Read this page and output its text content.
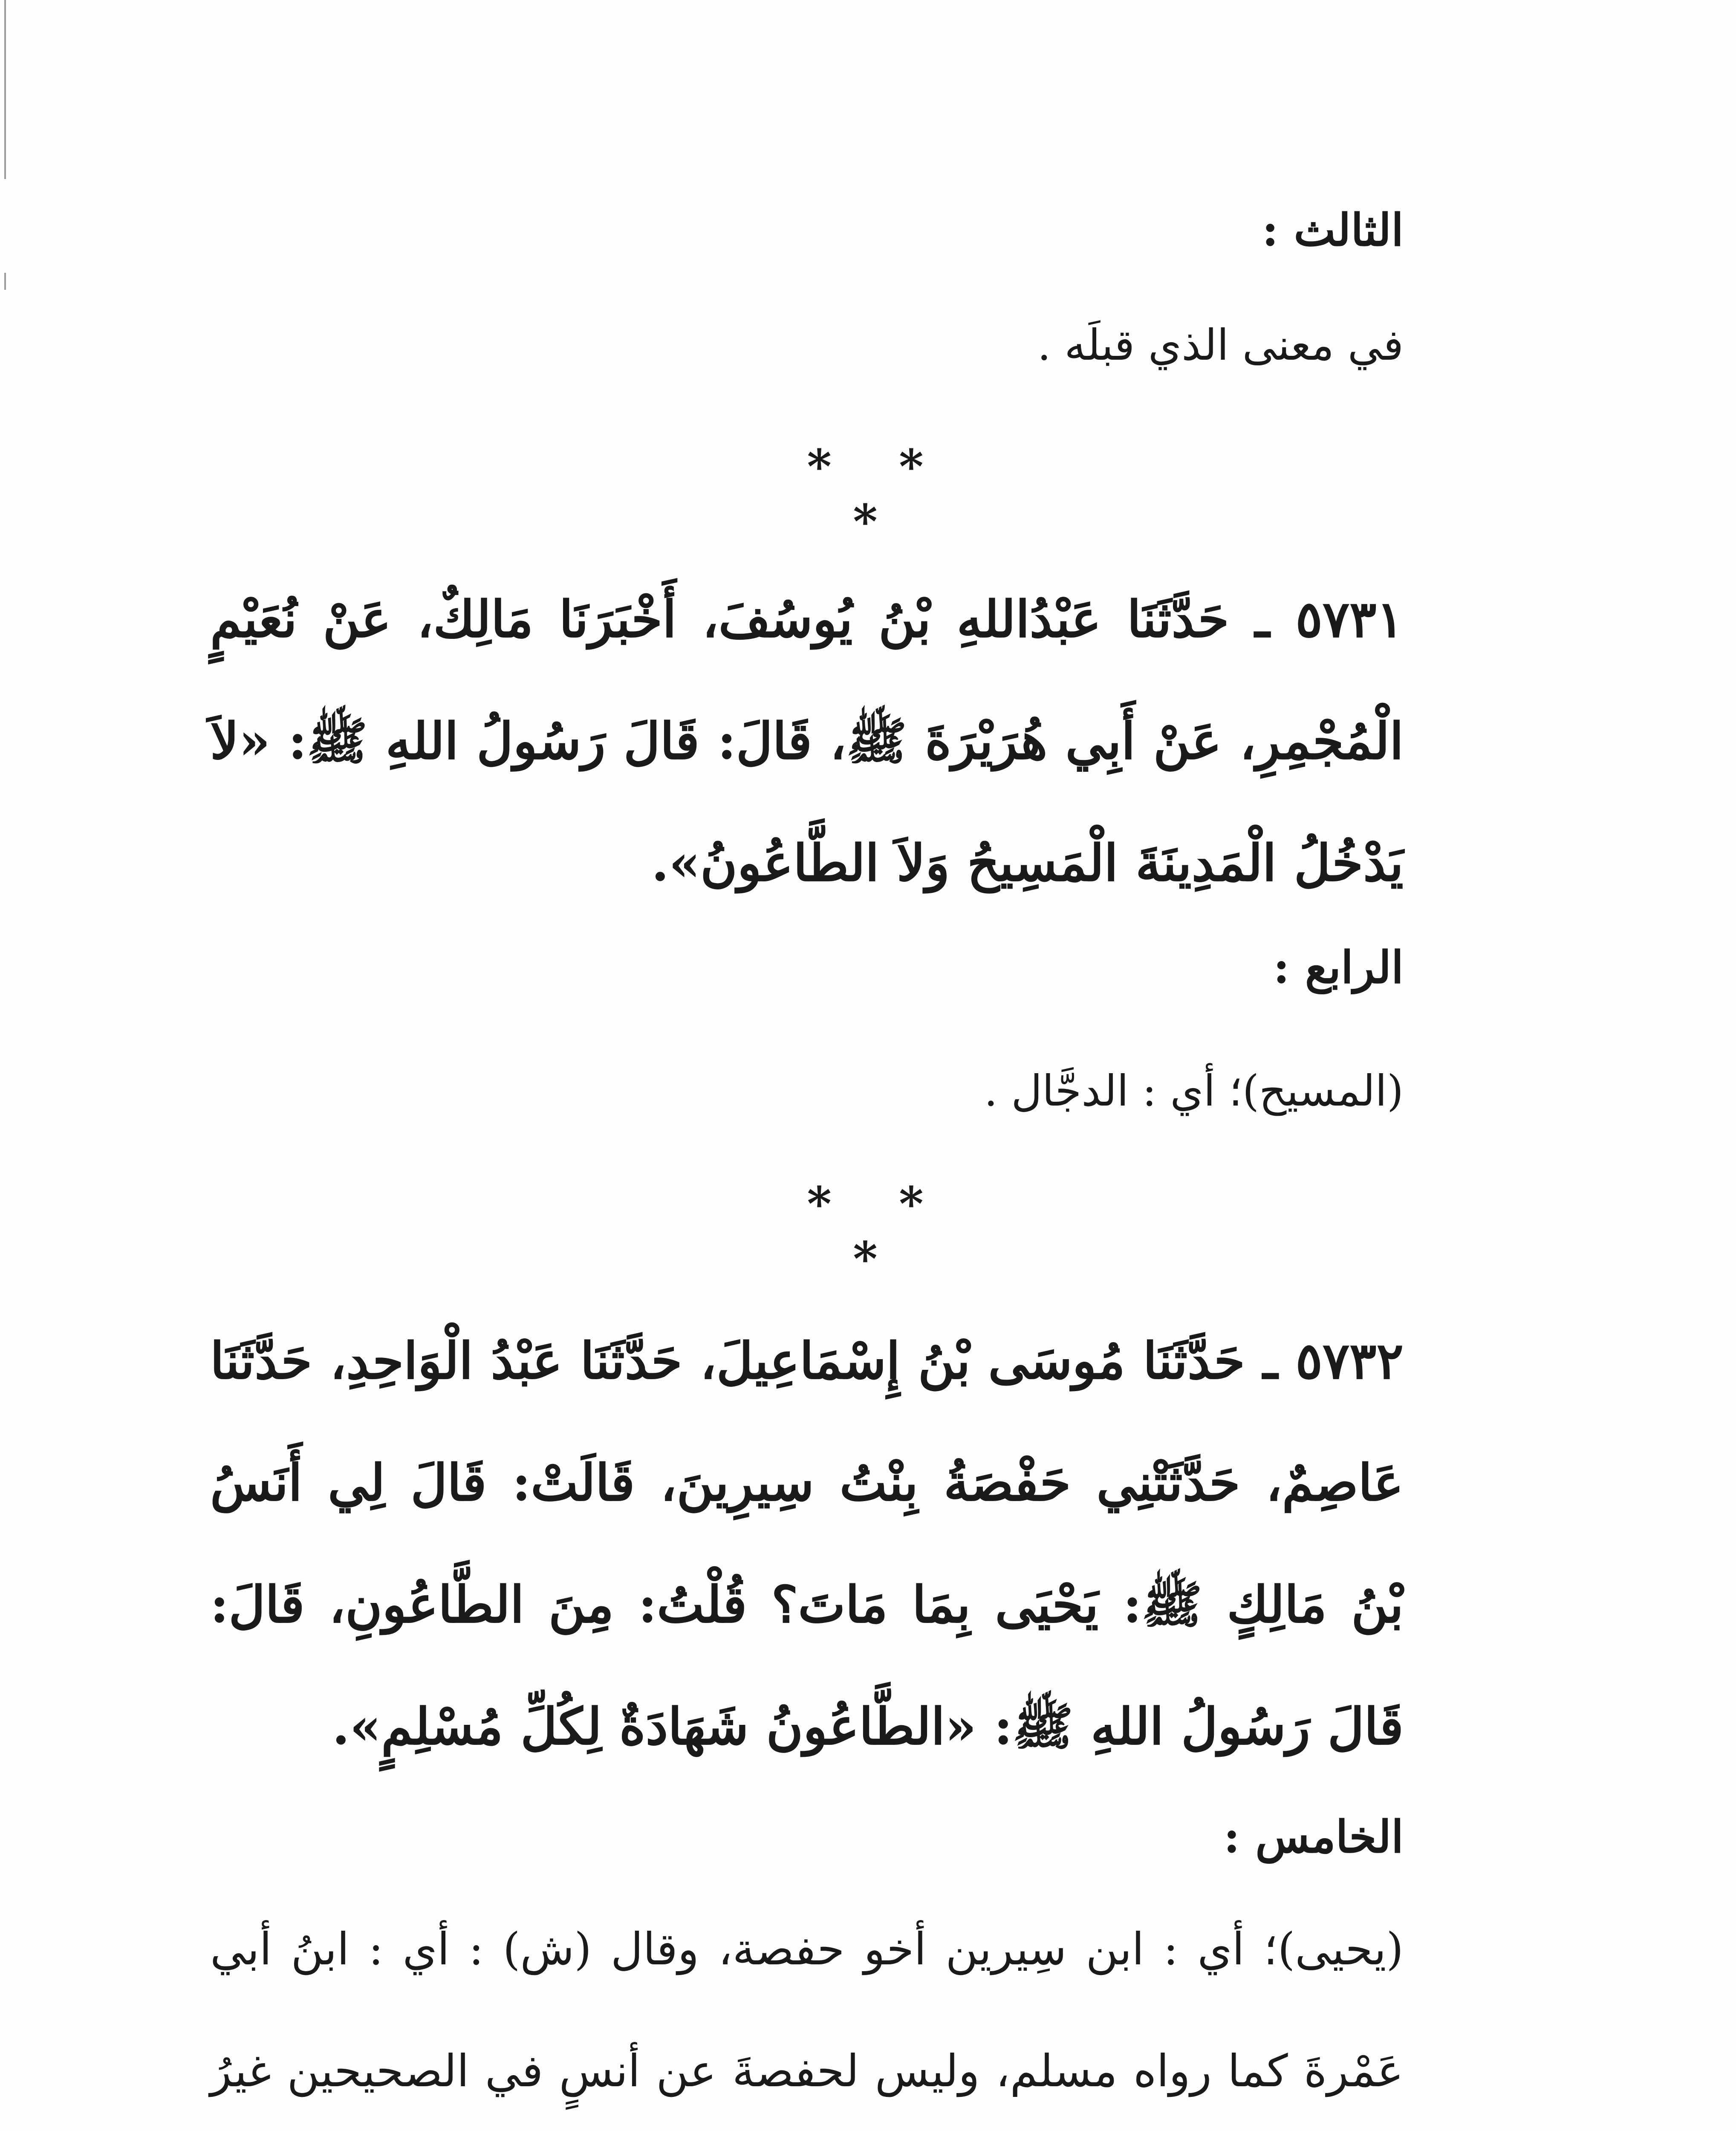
الثالث :
في معنى الذي قبلَه .
* * *
٥٧٣١ ـ حَدَّثَنَا عَبْدُاللهِ بْنُ يُوسُفَ، أَخْبَرَنَا مَالِكٌ، عَنْ نُعَيْمٍ الْمُجْمِرِ، عَنْ أَبِي هُرَيْرَةَ ﷺ، قَالَ: قَالَ رَسُولُ اللهِ ﷺ: «لاَ يَدْخُلُ الْمَدِينَةَ الْمَسِيحُ وَلاَ الطَّاعُونُ».
الرابع :
(المسيح)؛ أي : الدجَّال .
* * *
٥٧٣٢ ـ حَدَّثَنَا مُوسَى بْنُ إِسْمَاعِيلَ، حَدَّثَنَا عَبْدُ الْوَاحِدِ، حَدَّثَنَا عَاصِمٌ، حَدَّثَتْنِي حَفْصَةُ بِنْتُ سِيرِينَ، قَالَتْ: قَالَ لِي أَنَسُ بْنُ مَالِكٍ ﷺ: يَحْيَى بِمَا مَاتَ؟ قُلْتُ: مِنَ الطَّاعُونِ، قَالَ: قَالَ رَسُولُ اللهِ ﷺ: «الطَّاعُونُ شَهَادَةٌ لِكُلِّ مُسْلِمٍ».
الخامس :
(يحيى)؛ أي : ابن سِيرين أخو حفصة، وقال (ش) : أي : ابنُ أبي عَمْرةَ كما رواه مسلم، وليس لحفصةَ عن أنسٍ في الصحيحين غيرُ
